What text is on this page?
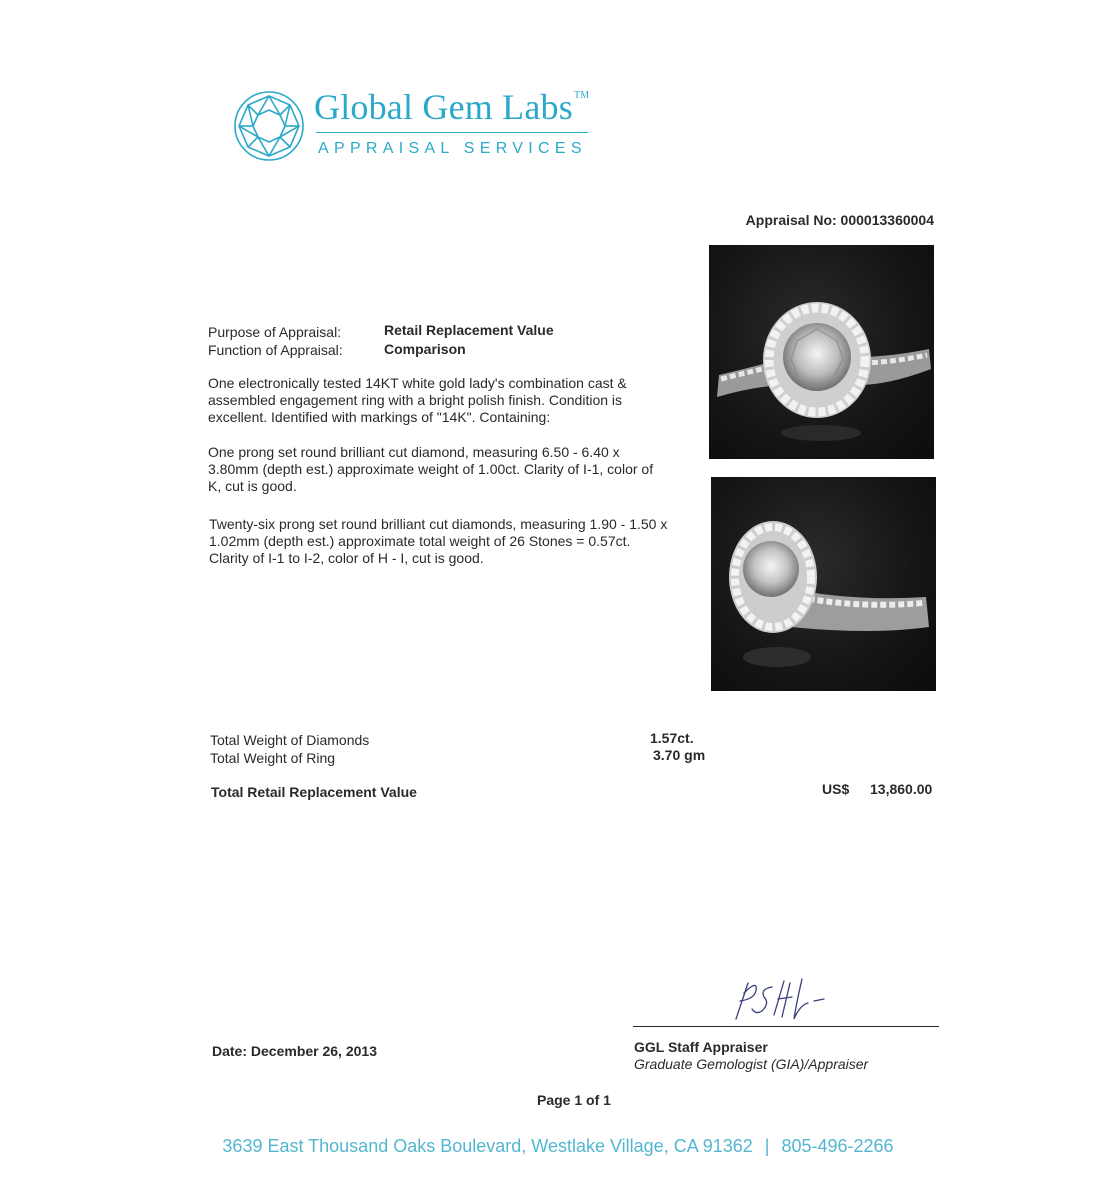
Global Gem Labs™
APPRAISAL SERVICES
Appraisal No: 000013360004
Purpose of Appraisal:	Retail Replacement Value
Function of Appraisal:	Comparison
One electronically tested 14KT white gold lady's combination cast & assembled engagement ring with a bright polish finish. Condition is excellent. Identified with markings of "14K". Containing:
One prong set round brilliant cut diamond, measuring 6.50 - 6.40 x 3.80mm (depth est.) approximate weight of 1.00ct. Clarity of I-1, color of K, cut is good.
Twenty-six prong set round brilliant cut diamonds, measuring 1.90 - 1.50 x 1.02mm (depth est.) approximate total weight of 26 Stones = 0.57ct. Clarity of I-1 to I-2, color of H - I, cut is good.
Total Weight of Diamonds	1.57ct.
Total Weight of Ring	3.70 gm
Total Retail Replacement Value	US$ 13,860.00
GGL Staff Appraiser
Graduate Gemologist (GIA)/Appraiser
Date: December 26, 2013
Page 1 of 1
3639 East Thousand Oaks Boulevard, Westlake Village, CA 91362 | 805-496-2266
